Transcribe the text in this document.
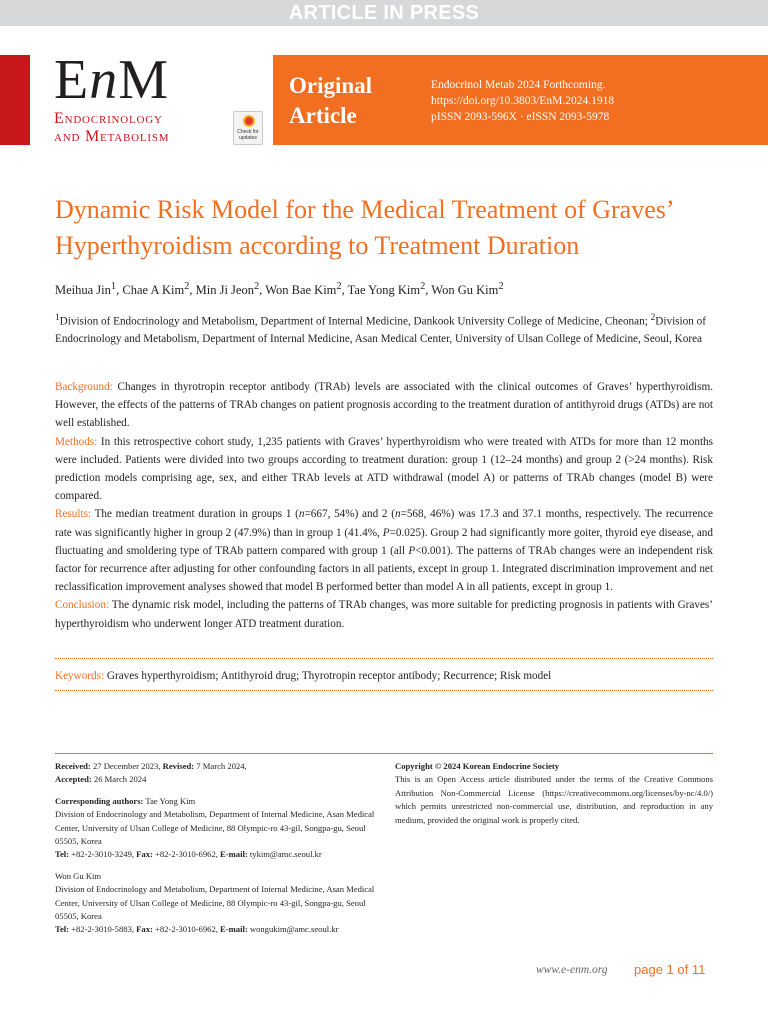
ARTICLE IN PRESS
EnM
Endocrinology
and Metabolism	Check for updates
Original
Article
Endocrinol Metab 2024 Forthcoming.
https://doi.org/10.3803/EnM.2024.1918
pISSN 2093-596X · eISSN 2093-5978
Dynamic Risk Model for the Medical Treatment of Graves’
Hyperthyroidism according to Treatment Duration
Meihua Jin$^1$, Chae A Kim$^2$, Min Ji Jeon$^2$, Won Bae Kim$^2$, Tae Yong Kim$^2$, Won Gu Kim$^2$
$^1$Division of Endocrinology and Metabolism, Department of Internal Medicine, Dankook University College of Medicine, Cheonan; $^2$Division of Endocrinology and Metabolism, Department of Internal Medicine, Asan Medical Center, University of Ulsan College of Medicine, Seoul, Korea

Background: Changes in thyrotropin receptor antibody (TRAb) levels are associated with the clinical outcomes of Graves’ hyperthyroidism. However, the effects of the patterns of TRAb changes on patient prognosis according to the treatment duration of antithyroid drugs (ATDs) are not well established.

Methods: In this retrospective cohort study, 1,235 patients with Graves’ hyperthyroidism who were treated with ATDs for more than 12 months were included. Patients were divided into two groups according to treatment duration: group 1 (12–24 months) and group 2 (>24 months). Risk prediction models comprising age, sex, and either TRAb levels at ATD withdrawal (model A) or patterns of TRAb changes (model B) were compared.

Results: The median treatment duration in groups 1 (n=667, 54%) and 2 (n=568, 46%) was 17.3 and 37.1 months, respectively. The recurrence rate was significantly higher in group 2 (47.9%) than in group 1 (41.4%, P=0.025). Group 2 had significantly more goiter, thyroid eye disease, and fluctuating and smoldering type of TRAb pattern compared with group 1 (all P<0.001). The patterns of TRAb changes were an independent risk factor for recurrence after adjusting for other confounding factors in all patients, except in group 1. Integrated discrimination improvement and net reclassification improvement analyses showed that model B performed better than model A in all patients, except in group 1.

Conclusion: The dynamic risk model, including the patterns of TRAb changes, was more suitable for predicting prognosis in patients with Graves’ hyperthyroidism who underwent longer ATD treatment duration.

Keywords: Graves hyperthyroidism; Antithyroid drug; Thyrotropin receptor antibody; Recurrence; Risk model
Received: 27 December 2023, Revised: 7 March 2024,
Accepted: 26 March 2024
Corresponding authors: Tae Yong Kim
Division of Endocrinology and Metabolism, Department of Internal Medicine, Asan Medical Center, University of Ulsan College of Medicine, 88 Olympic-ro 43-gil, Songpa-gu, Seoul 05505, Korea
Tel: +82-2-3010-3249, Fax: +82-2-3010-6962, E-mail: tykim@amc.seoul.kr
Won Gu Kim
Division of Endocrinology and Metabolism, Department of Internal Medicine, Asan Medical Center, University of Ulsan College of Medicine, 88 Olympic-ro 43-gil, Songpa-gu, Seoul 05505, Korea
Tel: +82-2-3010-5883, Fax: +82-2-3010-6962, E-mail: wongukim@amc.seoul.kr
Copyright © 2024 Korean Endocrine Society
This is an Open Access article distributed under the terms of the Creative Commons Attribution Non-Commercial License (https://creativecommons.org/licenses/by-nc/4.0/) which permits unrestricted non-commercial use, distribution, and reproduction in any medium, provided the original work is properly cited.
www.e-enm.org page 1 of 11
